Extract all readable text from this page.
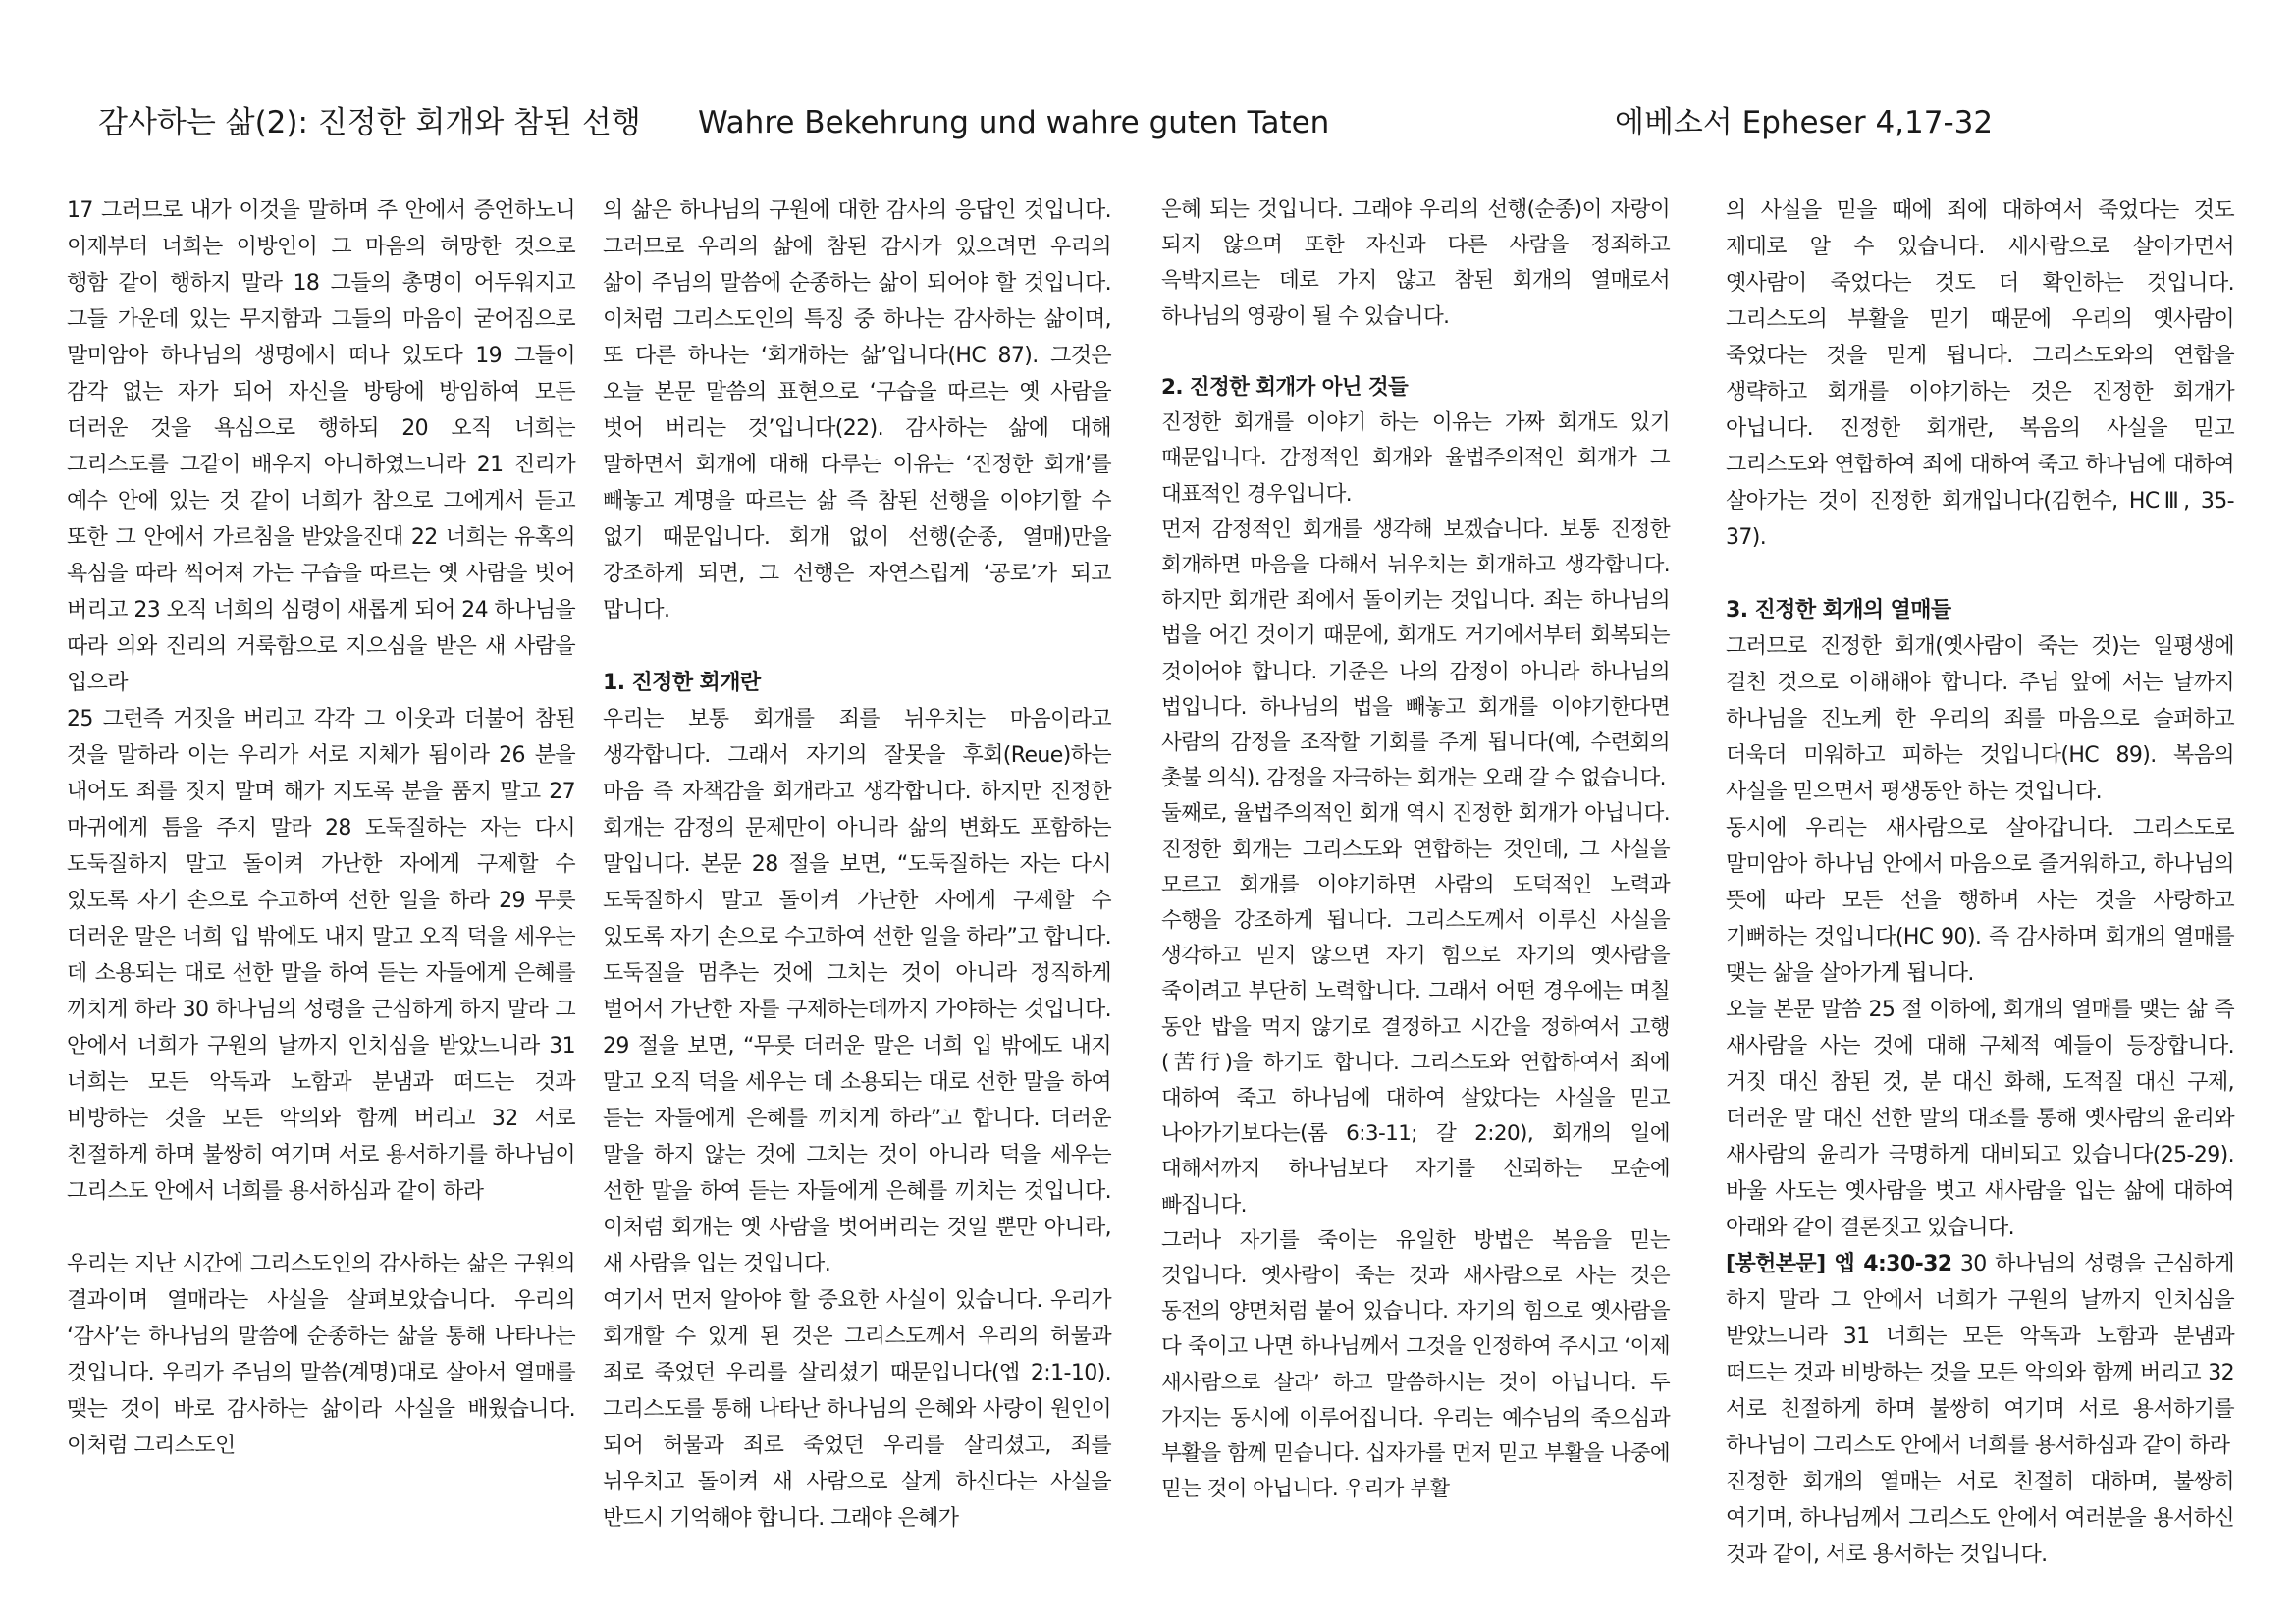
감사하는 삶(2): 진정한 회개와 참된 선행 Wahre Bekehrung und wahre guten Taten	에베소서 Epheser 4,17-32

17 그러므로 내가 이것을 말하며 주 안에서 증언하노니 이제부터 너희는 이방인이 그 마음의 허망한 것으로 행함 같이 행하지 말라 18 그들의 총명이 어두워지고 그들 가운데 있는 무지함과 그들의 마음이 굳어짐으로 말미암아 하나님의 생명에서 떠나 있도다 19 그들이 감각 없는 자가 되어 자신을 방탕에 방임하여 모든 더러운 것을 욕심으로 행하되 20 오직 너희는 그리스도를 그같이 배우지 아니하였느니라 21 진리가 예수 안에 있는 것 같이 너희가 참으로 그에게서 듣고 또한 그 안에서 가르침을 받았을진대 22 너희는 유혹의 욕심을 따라 썩어져 가는 구습을 따르는 옛 사람을 벗어 버리고 23 오직 너희의 심령이 새롭게 되어 24 하나님을 따라 의와 진리의 거룩함으로 지으심을 받은 새 사람을 입으라

25 그런즉 거짓을 버리고 각각 그 이웃과 더불어 참된 것을 말하라 이는 우리가 서로 지체가 됨이라 26 분을 내어도 죄를 짓지 말며 해가 지도록 분을 품지 말고 27 마귀에게 틈을 주지 말라 28 도둑질하는 자는 다시 도둑질하지 말고 돌이켜 가난한 자에게 구제할 수 있도록 자기 손으로 수고하여 선한 일을 하라 29 무릇 더러운 말은 너희 입 밖에도 내지 말고 오직 덕을 세우는 데 소용되는 대로 선한 말을 하여 듣는 자들에게 은혜를 끼치게 하라 30 하나님의 성령을 근심하게 하지 말라 그 안에서 너희가 구원의 날까지 인치심을 받았느니라 31 너희는 모든 악독과 노함과 분냄과 떠드는 것과 비방하는 것을 모든 악의와 함께 버리고 32 서로 친절하게 하며 불쌍히 여기며 서로 용서하기를 하나님이 그리스도 안에서 너희를 용서하심과 같이 하라

우리는 지난 시간에 그리스도인의 감사하는 삶은 구원의 결과이며 열매라는 사실을 살펴보았습니다. 우리의 ‘감사’는 하나님의 말씀에 순종하는 삶을 통해 나타나는 것입니다. 우리가 주님의 말씀(계명)대로 살아서 열매를 맺는 것이 바로 감사하는 삶이라 사실을 배웠습니다. 이처럼 그리스도인

의 삶은 하나님의 구원에 대한 감사의 응답인 것입니다. 그러므로 우리의 삶에 참된 감사가 있으려면 우리의 삶이 주님의 말씀에 순종하는 삶이 되어야 할 것입니다. 이처럼 그리스도인의 특징 중 하나는 감사하는 삶이며, 또 다른 하나는 ‘회개하는 삶’입니다(HC 87). 그것은 오늘 본문 말씀의 표현으로 ‘구습을 따르는 옛 사람을 벗어 버리는 것’입니다(22). 감사하는 삶에 대해 말하면서 회개에 대해 다루는 이유는 ‘진정한 회개’를 빼놓고 계명을 따르는 삶 즉 참된 선행을 이야기할 수 없기 때문입니다. 회개 없이 선행(순종, 열매)만을 강조하게 되면, 그 선행은 자연스럽게 ‘공로’가 되고 맙니다.

1. 진정한 회개란

우리는 보통 회개를 죄를 뉘우치는 마음이라고 생각합니다. 그래서 자기의 잘못을 후회(Reue)하는 마음 즉 자책감을 회개라고 생각합니다. 하지만 진정한 회개는 감정의 문제만이 아니라 삶의 변화도 포함하는 말입니다. 본문 28 절을 보면, “도둑질하는 자는 다시 도둑질하지 말고 돌이켜 가난한 자에게 구제할 수 있도록 자기 손으로 수고하여 선한 일을 하라”고 합니다. 도둑질을 멈추는 것에 그치는 것이 아니라 정직하게 벌어서 가난한 자를 구제하는데까지 가야하는 것입니다. 29 절을 보면, “무릇 더러운 말은 너희 입 밖에도 내지 말고 오직 덕을 세우는 데 소용되는 대로 선한 말을 하여 듣는 자들에게 은혜를 끼치게 하라”고 합니다. 더러운 말을 하지 않는 것에 그치는 것이 아니라 덕을 세우는 선한 말을 하여 듣는 자들에게 은혜를 끼치는 것입니다. 이처럼 회개는 옛 사람을 벗어버리는 것일 뿐만 아니라, 새 사람을 입는 것입니다.

여기서 먼저 알아야 할 중요한 사실이 있습니다. 우리가 회개할 수 있게 된 것은 그리스도께서 우리의 허물과 죄로 죽었던 우리를 살리셨기 때문입니다(엡 2:1-10). 그리스도를 통해 나타난 하나님의 은혜와 사랑이 원인이 되어 허물과 죄로 죽었던 우리를 살리셨고, 죄를 뉘우치고 돌이켜 새 사람으로 살게 하신다는 사실을 반드시 기억해야 합니다. 그래야 은혜가

은혜 되는 것입니다. 그래야 우리의 선행(순종)이 자랑이 되지 않으며 또한 자신과 다른 사람을 정죄하고 윽박지르는 데로 가지 않고 참된 회개의 열매로서 하나님의 영광이 될 수 있습니다.

2. 진정한 회개가 아닌 것들

진정한 회개를 이야기 하는 이유는 가짜 회개도 있기 때문입니다. 감정적인 회개와 율법주의적인 회개가 그 대표적인 경우입니다.

먼저 감정적인 회개를 생각해 보겠습니다. 보통 진정한 회개하면 마음을 다해서 뉘우치는 회개하고 생각합니다. 하지만 회개란 죄에서 돌이키는 것입니다. 죄는 하나님의 법을 어긴 것이기 때문에, 회개도 거기에서부터 회복되는 것이어야 합니다. 기준은 나의 감정이 아니라 하나님의 법입니다. 하나님의 법을 빼놓고 회개를 이야기한다면 사람의 감정을 조작할 기회를 주게 됩니다(예, 수련회의 촛불 의식). 감정을 자극하는 회개는 오래 갈 수 없습니다.

둘째로, 율법주의적인 회개 역시 진정한 회개가 아닙니다. 진정한 회개는 그리스도와 연합하는 것인데, 그 사실을 모르고 회개를 이야기하면 사람의 도덕적인 노력과 수행을 강조하게 됩니다. 그리스도께서 이루신 사실을 생각하고 믿지 않으면 자기 힘으로 자기의 옛사람을 죽이려고 부단히 노력합니다. 그래서 어떤 경우에는 며칠 동안 밥을 먹지 않기로 결정하고 시간을 정하여서 고행(苦行)을 하기도 합니다. 그리스도와 연합하여서 죄에 대하여 죽고 하나님에 대하여 살았다는 사실을 믿고 나아가기보다는(롬 6:3-11; 갈 2:20), 회개의 일에 대해서까지 하나님보다 자기를 신뢰하는 모순에 빠집니다.

그러나 자기를 죽이는 유일한 방법은 복음을 믿는 것입니다. 옛사람이 죽는 것과 새사람으로 사는 것은 동전의 양면처럼 붙어 있습니다. 자기의 힘으로 옛사람을 다 죽이고 나면 하나님께서 그것을 인정하여 주시고 ‘이제 새사람으로 살라’ 하고 말씀하시는 것이 아닙니다. 두 가지는 동시에 이루어집니다. 우리는 예수님의 죽으심과 부활을 함께 믿습니다. 십자가를 먼저 믿고 부활을 나중에 믿는 것이 아닙니다. 우리가 부활

의 사실을 믿을 때에 죄에 대하여서 죽었다는 것도 제대로 알 수 있습니다. 새사람으로 살아가면서 옛사람이 죽었다는 것도 더 확인하는 것입니다. 그리스도의 부활을 믿기 때문에 우리의 옛사람이 죽었다는 것을 믿게 됩니다. 그리스도와의 연합을 생략하고 회개를 이야기하는 것은 진정한 회개가 아닙니다. 진정한 회개란, 복음의 사실을 믿고 그리스도와 연합하여 죄에 대하여 죽고 하나님에 대하여 살아가는 것이 진정한 회개입니다(김헌수, HCⅢ, 35-37).

3. 진정한 회개의 열매들

그러므로 진정한 회개(옛사람이 죽는 것)는 일평생에 걸친 것으로 이해해야 합니다. 주님 앞에 서는 날까지 하나님을 진노케 한 우리의 죄를 마음으로 슬퍼하고 더욱더 미워하고 피하는 것입니다(HC 89). 복음의 사실을 믿으면서 평생동안 하는 것입니다.

동시에 우리는 새사람으로 살아갑니다. 그리스도로 말미암아 하나님 안에서 마음으로 즐거워하고, 하나님의 뜻에 따라 모든 선을 행하며 사는 것을 사랑하고 기뻐하는 것입니다(HC 90). 즉 감사하며 회개의 열매를 맺는 삶을 살아가게 됩니다.

오늘 본문 말씀 25 절 이하에, 회개의 열매를 맺는 삶 즉 새사람을 사는 것에 대해 구체적 예들이 등장합니다. 거짓 대신 참된 것, 분 대신 화해, 도적질 대신 구제, 더러운 말 대신 선한 말의 대조를 통해 옛사람의 윤리와 새사람의 윤리가 극명하게 대비되고 있습니다(25-29). 바울 사도는 옛사람을 벗고 새사람을 입는 삶에 대하여 아래와 같이 결론짓고 있습니다.

[봉헌본문] 엡 4:30-32 30 하나님의 성령을 근심하게 하지 말라 그 안에서 너희가 구원의 날까지 인치심을 받았느니라 31 너희는 모든 악독과 노함과 분냄과 떠드는 것과 비방하는 것을 모든 악의와 함께 버리고 32 서로 친절하게 하며 불쌍히 여기며 서로 용서하기를 하나님이 그리스도 안에서 너희를 용서하심과 같이 하라

진정한 회개의 열매는 서로 친절히 대하며, 불쌍히 여기며, 하나님께서 그리스도 안에서 여러분을 용서하신 것과 같이, 서로 용서하는 것입니다.
